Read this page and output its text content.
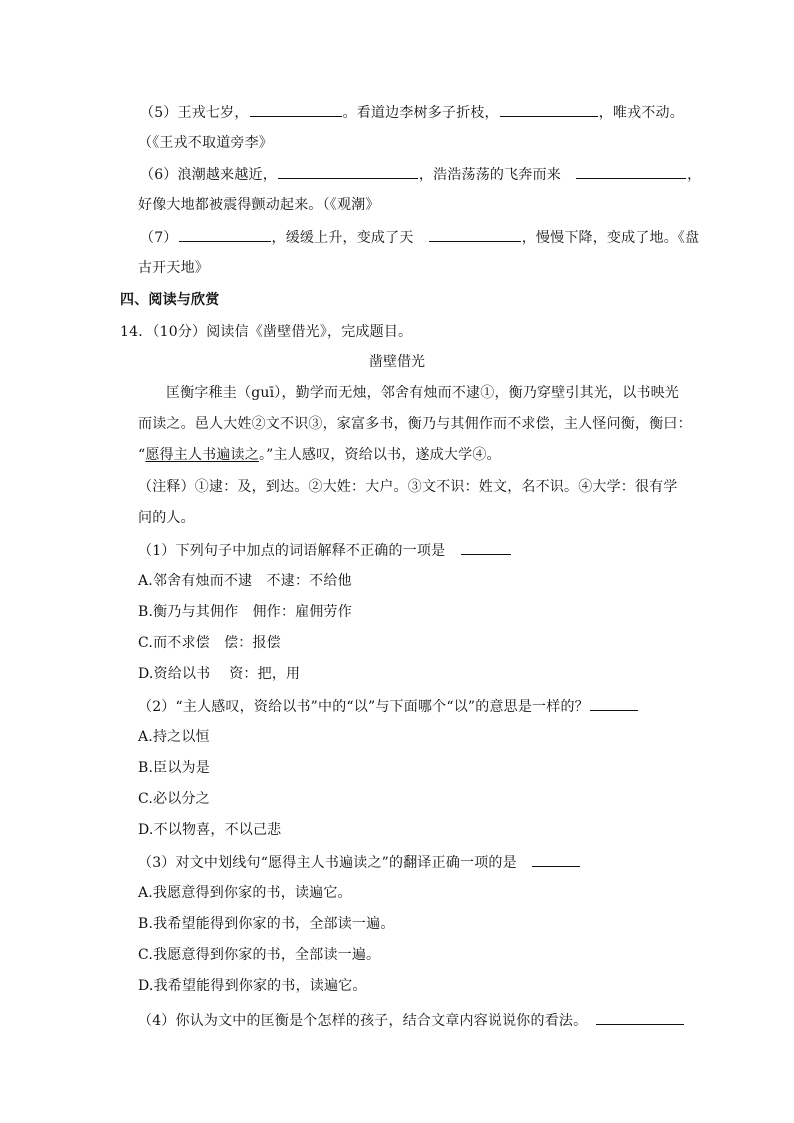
（5）王戎七岁，	。看道边李树多子折枝，	，唯戎不动。
（《王戎不取道旁李》
（6）浪潮越来越近，	，浩浩荡荡的飞奔而来　	，
好像大地都被震得颤动起来。（《观潮》
（7）	，缓缓上升，变成了天　	，慢慢下降，变成了地。《盘
古开天地》
四、阅读与欣赏
14．（10分）阅读信《凿壁借光》，完成题目。
凿壁借光
匡衡字稚圭（guī），勤学而无烛，邻舍有烛而不逮①，衡乃穿壁引其光，以书映光
而读之。邑人大姓②文不识③，家富多书，衡乃与其佣作而不求偿，主人怪问衡，衡曰：
“愿得主人书遍读之。”主人感叹，资给以书，遂成大学④。
（注释）①逮：及，到达。②大姓：大户。③文不识：姓文，名不识。④大学：很有学
问的人。
（1）下列句子中加点的词语解释不正确的一项是　
A.邻舍有烛而不逮　不逮：不给他
B.衡乃与其佣作　佣作：雇佣劳作
C.而不求偿　偿：报偿
D.资给以书　 资：把，用
（2）“主人感叹，资给以书”中的“以”与下面哪个“以”的意思是一样的？
A.持之以恒
B.臣以为是
C.必以分之
D.不以物喜，不以己悲
（3）对文中划线句“愿得主人书遍读之”的翻译正确一项的是　
A.我愿意得到你家的书，读遍它。
B.我希望能得到你家的书，全部读一遍。
C.我愿意得到你家的书，全部读一遍。
D.我希望能得到你家的书，读遍它。
（4）你认为文中的匡衡是个怎样的孩子，结合文章内容说说你的看法。　
